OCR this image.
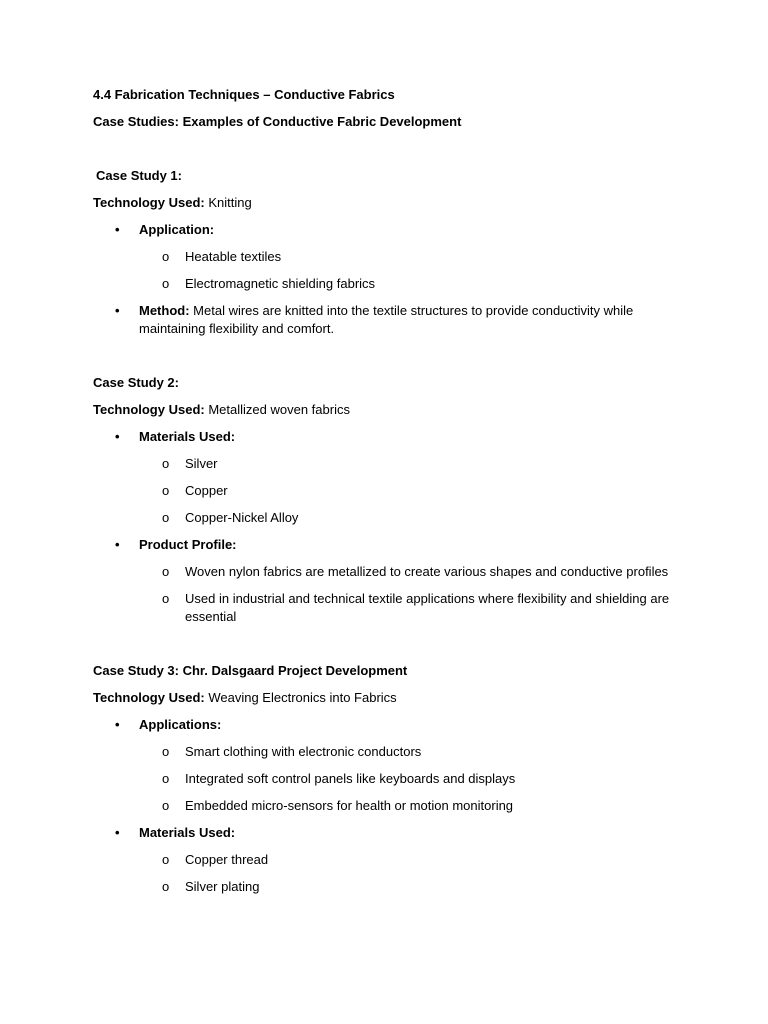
4.4 Fabrication Techniques – Conductive Fabrics

Case Studies: Examples of Conductive Fabric Development

Case Study 1:

Technology Used: Knitting

• Application:
o Heatable textiles
o Electromagnetic shielding fabrics
• Method: Metal wires are knitted into the textile structures to provide conductivity while maintaining flexibility and comfort.

Case Study 2:

Technology Used: Metallized woven fabrics

• Materials Used:
o Silver
o Copper
o Copper-Nickel Alloy
• Product Profile:
o Woven nylon fabrics are metallized to create various shapes and conductive profiles
o Used in industrial and technical textile applications where flexibility and shielding are essential

Case Study 3: Chr. Dalsgaard Project Development

Technology Used: Weaving Electronics into Fabrics

• Applications:
o Smart clothing with electronic conductors
o Integrated soft control panels like keyboards and displays
o Embedded micro-sensors for health or motion monitoring
• Materials Used:
o Copper thread
o Silver plating
